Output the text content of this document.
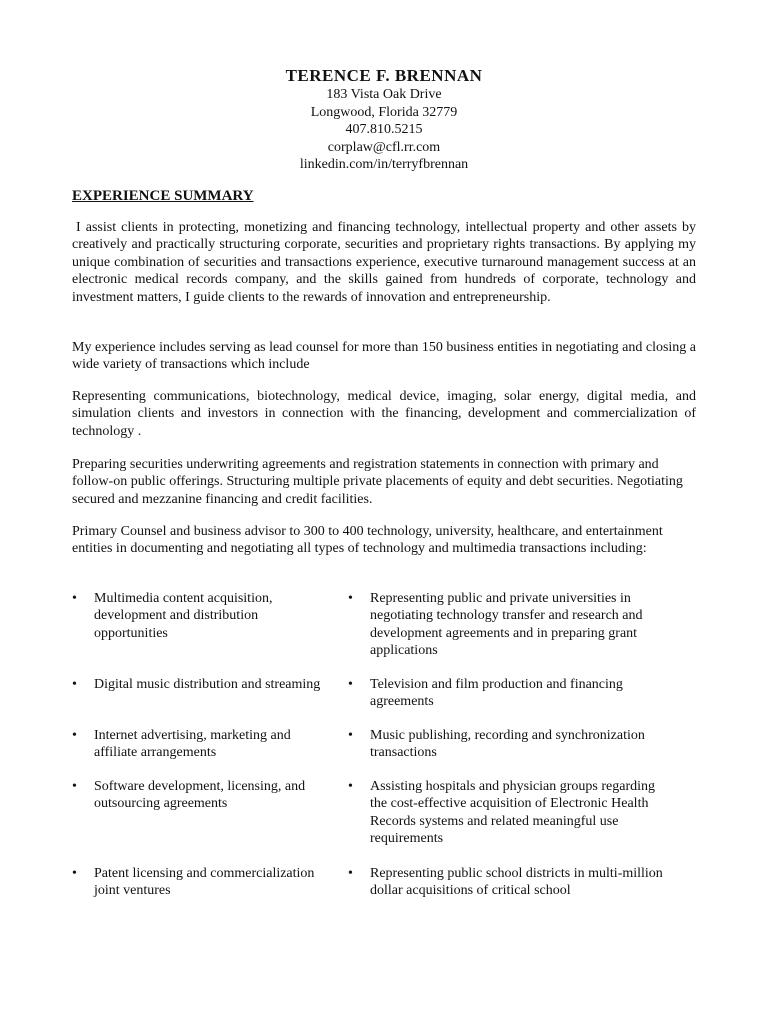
TERENCE F. BRENNAN

183 Vista Oak Drive

Longwood, Florida 32779

407.810.5215

corplaw@cfl.rr.com

linkedin.com/in/terryfbrennan

EXPERIENCE SUMMARY

I assist clients in protecting, monetizing and financing technology, intellectual property and other assets by creatively and practically structuring corporate, securities and proprietary rights transactions. By applying my unique combination of securities and transactions experience, executive turnaround management success at an electronic medical records company, and the skills gained from hundreds of corporate, technology and investment matters, I guide clients to the rewards of innovation and entrepreneurship.

My experience includes serving as lead counsel for more than 150 business entities in negotiating and closing a wide variety of transactions which include

Representing communications, biotechnology, medical device, imaging, solar energy, digital media, and simulation clients and investors in connection with the financing, development and commercialization of technology .

Preparing securities underwriting agreements and registration statements in connection with primary and follow-on public offerings. Structuring multiple private placements of equity and debt securities. Negotiating secured and mezzanine financing and credit facilities.

Primary Counsel and business advisor to 300 to 400 technology, university, healthcare, and entertainment entities in documenting and negotiating all types of technology and multimedia transactions including:

•	Multimedia content acquisition, development and distribution opportunities

•	Representing public and private universities in negotiating technology transfer and research and development agreements and in preparing grant applications

•	Digital music distribution and streaming •	Television and film production and financing agreements

•	Internet advertising, marketing and affiliate arrangements

•	Music publishing, recording and synchronization transactions

•	Software development, licensing, and outsourcing agreements

•	Assisting hospitals and physician groups regarding the cost-effective acquisition of Electronic Health Records systems and related meaningful use requirements

•	Patent licensing and commercialization joint ventures

•	Representing public school districts in multi-million dollar acquisitions of critical school
